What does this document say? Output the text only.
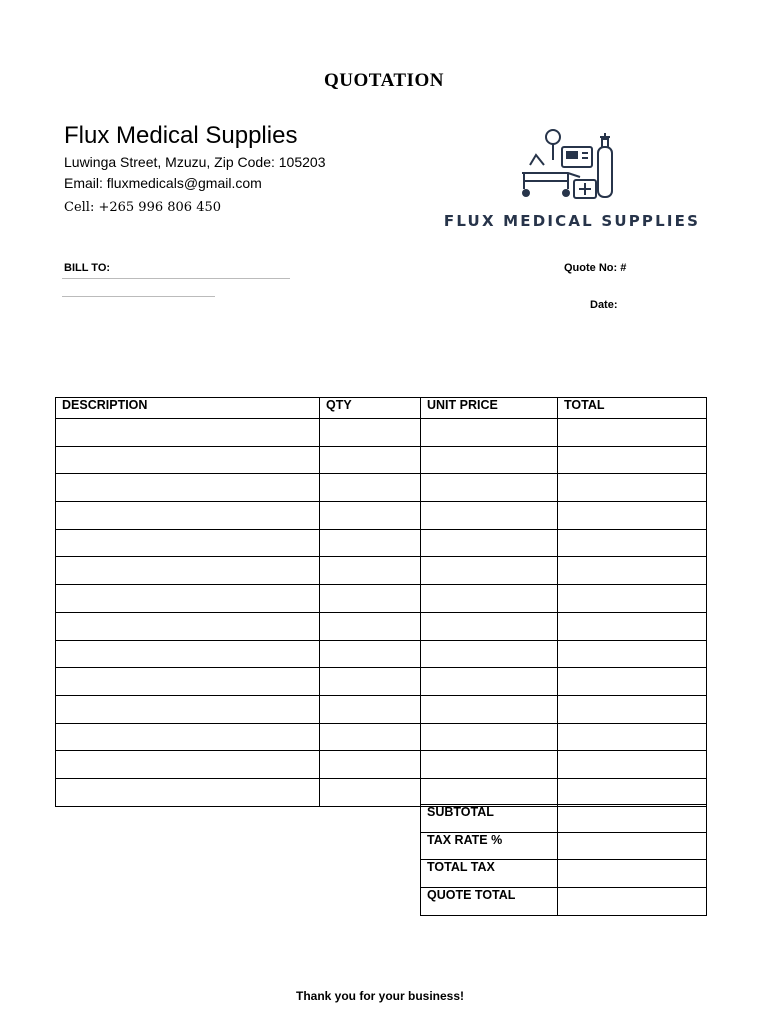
QUOTATION
Flux Medical Supplies
Luwinga Street, Mzuzu, Zip Code: 105203
Email: fluxmedicals@gmail.com
Cell: +265 996 806 450
FLUX MEDICAL SUPPLIES
BILL TO:	Quote No: #
Date:
DESCRIPTION	QTY	UNIT PRICE	TOTAL

SUBTOTAL	
TAX RATE %	
TOTAL TAX	
QUOTE TOTAL	
Thank you for your business!
